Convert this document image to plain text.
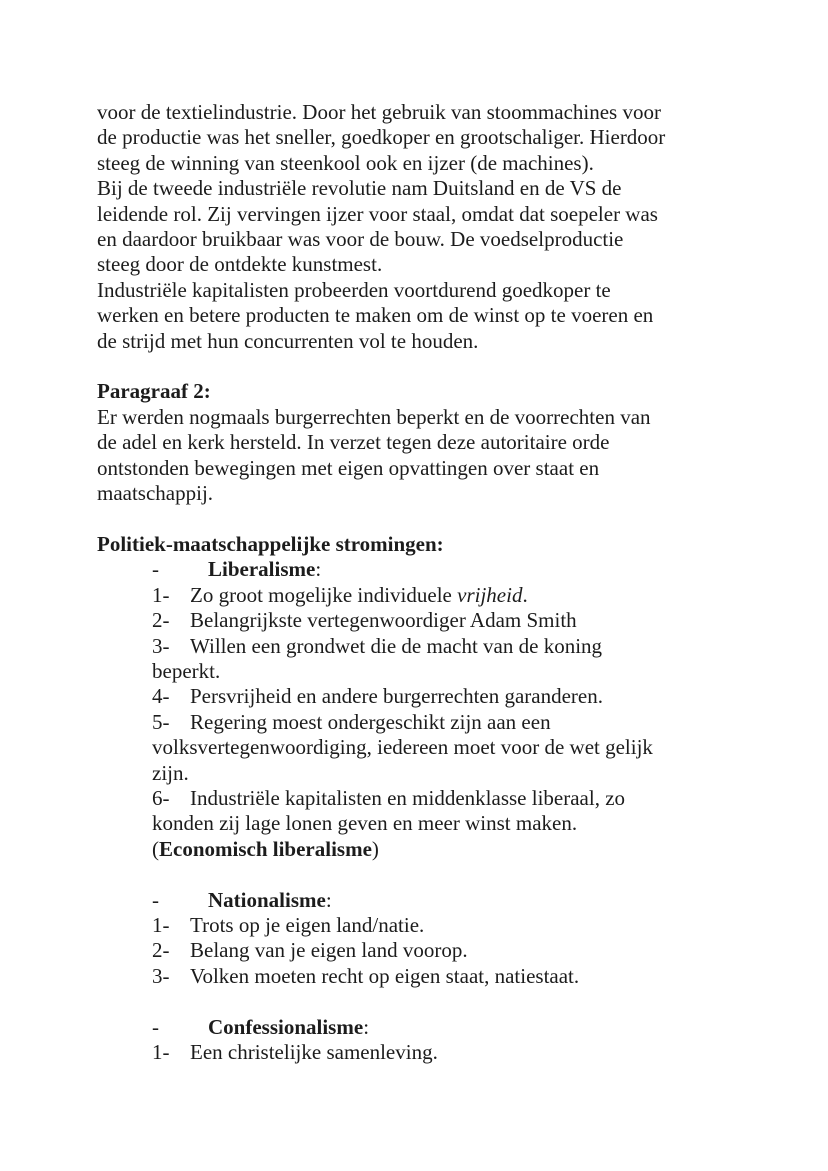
voor de textielindustrie. Door het gebruik van stoommachines voor
de productie was het sneller, goedkoper en grootschaliger. Hierdoor
steeg de winning van steenkool ook en ijzer (de machines).
Bij de tweede industriële revolutie nam Duitsland en de VS de
leidende rol. Zij vervingen ijzer voor staal, omdat dat soepeler was
en daardoor bruikbaar was voor de bouw. De voedselproductie
steeg door de ontdekte kunstmest.
Industriële kapitalisten probeerden voortdurend goedkoper te
werken en betere producten te maken om de winst op te voeren en
de strijd met hun concurrenten vol te houden.
Paragraaf 2:
Er werden nogmaals burgerrechten beperkt en de voorrechten van
de adel en kerk hersteld. In verzet tegen deze autoritaire orde
ontstonden bewegingen met eigen opvattingen over staat en
maatschappij.
Politiek-maatschappelijke stromingen:
- Liberalisme:
1- Zo groot mogelijke individuele vrijheid.
2- Belangrijkste vertegenwoordiger Adam Smith
3- Willen een grondwet die de macht van de koning
beperkt.
4- Persvrijheid en andere burgerrechten garanderen.
5- Regering moest ondergeschikt zijn aan een
volksvertegenwoordiging, iedereen moet voor de wet gelijk
zijn.
6- Industriële kapitalisten en middenklasse liberaal, zo
konden zij lage lonen geven en meer winst maken.
(Economisch liberalisme)
- Nationalisme:
1- Trots op je eigen land/natie.
2- Belang van je eigen land voorop.
3- Volken moeten recht op eigen staat, natiestaat.
- Confessionalisme:
1- Een christelijke samenleving.
